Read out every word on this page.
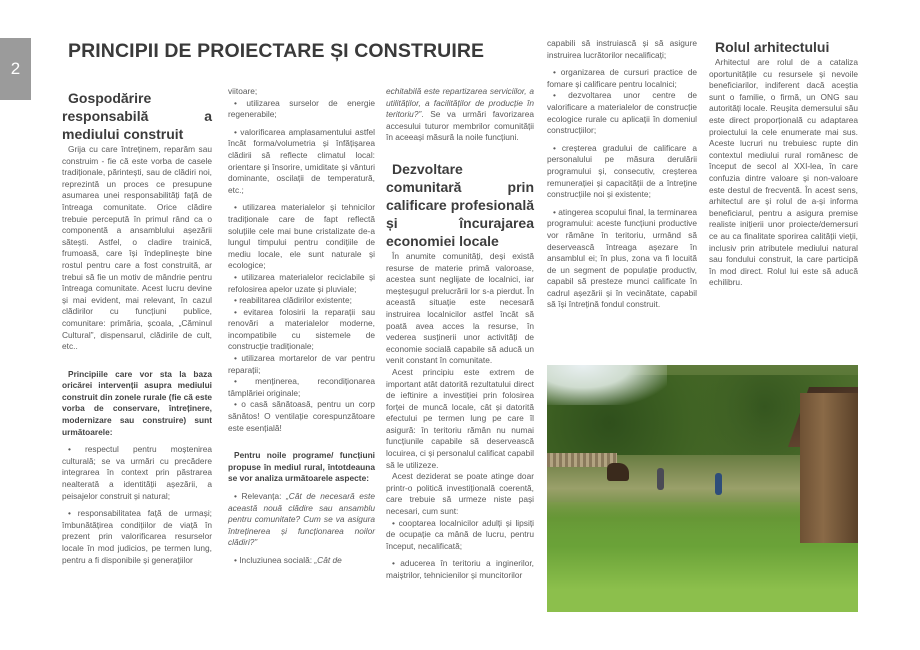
2
PRINCIPII DE PROIECTARE ȘI CONSTRUIRE

Gospodărire responsabilă a mediului construit

Grija cu care întreținem, reparăm sau construim - fie că este vorba de casele tradiționale, părintești, sau de clădiri noi, reprezintă un proces ce presupune asumarea unei responsabilități față de întreaga comunitate. Orice clădire trebuie percepută în primul rând ca o componentă a ansamblului așezării sătești. Astfel, o cladire trainică, frumoasă, care își îndeplinește bine rostul pentru care a fost construită, ar trebui să fie un motiv de mândrie pentru întreaga comunitate. Acest lucru devine și mai evident, mai relevant, în cazul clădirilor cu funcțiuni publice, comunitare: primăria, școala, „Căminul Cultural”, dispensarul, clădirile de cult, etc..

Principiile care vor sta la baza oricărei intervenții asupra mediului construit din zonele rurale (fie că este vorba de conservare, întreținere, modernizare sau construire) sunt următoarele:

• respectul pentru moștenirea culturală; se va urmări cu precădere integrarea în context prin păstrarea nealterată a identității așezării, a peisajelor construit și natural;

• responsabilitatea față de urmași; îmbunătățirea condițiilor de viață în prezent prin valorificarea resurselor locale în mod judicios, pe termen lung, pentru a fi disponibile și generațiilor

viitoare;

• utilizarea surselor de energie regenerabile;

• valorificarea amplasamentului astfel încât forma/volumetria și înfățișarea clădirii să reflecte climatul local: orientare și însorire, umiditate și vânturi dominante, oscilații de temperatură, etc.;

• utilizarea materialelor și tehnicilor tradiționale care de fapt reflectă soluțiile cele mai bune cristalizate de-a lungul timpului pentru condițiile de mediu locale, ele sunt naturale și ecologice;

• utilizarea materialelor reciclabile și refolosirea apelor uzate și pluviale;

• reabilitarea clădirilor existente;

• evitarea folosirii la reparații sau renovări a materialelor moderne, incompatibile cu sistemele de construcție tradiționale;

• utilizarea mortarelor de var pentru reparații;

• menținerea, recondiționarea tâmplăriei originale;

• o casă sănătoasă, pentru un corp sănătos! O ventilație corespunzătoare este esențială!

Pentru noile programe/ funcțiuni propuse în mediul rural, întotdeauna se vor analiza următoarele aspecte:

• Relevanța: „Cât de necesară este această nouă clădire sau ansamblu pentru comunitate? Cum se va asigura întreținerea și funcționarea noilor clădiri?”

• Incluziunea socială: „Cât de

echitabilă este repartizarea serviciilor, a utilităților, a facilităților de producție în teritoriu?”. Se va urmări favorizarea accesului tuturor membrilor comunității în aceeași măsură la noile funcțiuni.

Dezvoltare comunitară prin calificare profesională și încurajarea economiei locale

În anumite comunități, deși există resurse de materie primă valoroase, acestea sunt neglijate de localnici, iar meșteșugul prelucrării lor s-a pierdut. În această situație este necesară instruirea localnicilor astfel încât să poată avea acces la resurse, în vederea susținerii unor activități de economie socială capabile să aducă un venit constant în comunitate.

Acest principiu este extrem de important atât datorită rezultatului direct de ieftinire a investiției prin folosirea forței de muncă locale, cât și datorită efectului pe termen lung pe care îl asigură: în teritoriu rămân nu numai funcțiunile capabile să deservească locuirea, ci și personalul calificat capabil să le utilizeze.

Acest deziderat se poate atinge doar printr-o politică investițională coerentă, care trebuie să urmeze niste pași necesari, cum sunt:

• cooptarea localnicilor adulți și lipsiți de ocupație ca mână de lucru, pentru început, necalificată;

• aducerea în teritoriu a inginerilor, maiștrilor, tehnicienilor și muncitorilor

capabili să instruiască și să asigure instruirea lucrătorilor necalificați;

• organizarea de cursuri practice de fomare și calificare pentru localnici;

• dezvoltarea unor centre de valorificare a materialelor de construcție ecologice rurale cu aplicații în domeniul construcțiilor;

• creșterea gradului de calificare a personalului pe măsura derulării programului și, consecutiv, creșterea remunerației și capacității de a întreține construcțiile noi și existente;

• atingerea scopului final, la terminarea programului: aceste funcțiuni productive vor rămâne în teritoriu, urmând să deservească întreaga așezare în ansamblul ei; în plus, zona va fi locuită de un segment de populație productiv, capabil să presteze munci calificate în cadrul așezării și în vecinătate, capabil să își întrețină fondul construit.

Rolul arhitectului

Arhitectul are rolul de a cataliza oportunitățile cu resursele și nevoile beneficiarilor, indiferent dacă aceștia sunt o familie, o firmă, un ONG sau autorități locale. Reușita demersului său este direct proporțională cu adaptarea proiectului la cele enumerate mai sus. Aceste lucruri nu trebuiesc rupte din contextul mediului rural românesc de început de secol al XXI-lea, în care confuzia dintre valoare și non-valoare este destul de frecventă. În acest sens, arhitectul are și rolul de a-și informa beneficiarul, pentru a asigura premise realiste inițierii unor proiecte/demersuri ce au ca finalitate sporirea calității vieții, inclusiv prin atributele mediului natural sau fondului construit, la care participă în mod direct. Rolul lui este să aducă echilibru.
